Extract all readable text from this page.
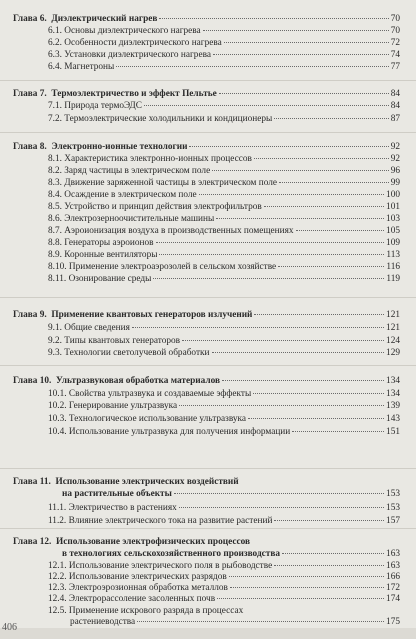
Глава 6.  Диэлектрический нагрев	70
6.1. Основы диэлектрического нагрева	70
6.2. Особенности диэлектрического нагрева	72
6.3. Установки диэлектрического нагрева	74
6.4. Магнетроны	77
Глава 7.  Термоэлектричество и эффект Пельтье	84
7.1. Природа термоЭДС	84
7.2. Термоэлектрические холодильники и кондиционеры	87
Глава 8.  Электронно-ионные технологии	92
8.1. Характеристика электронно-ионных процессов	92
8.2. Заряд частицы в электрическом поле	96
8.3. Движение заряженной частицы в электрическом поле	99
8.4. Осаждение в электрическом поле	100
8.5. Устройство и принцип действия электрофильтров	101
8.6. Электрозерноочистительные машины	103
8.7. Аэроионизация воздуха в производственных помещениях	105
8.8. Генераторы аэроионов	109
8.9. Коронные вентиляторы	113
8.10. Применение электроаэрозолей в сельском хозяйстве	116
8.11. Озонирование среды	119
Глава 9.  Применение квантовых генераторов излучений	121
9.1. Общие сведения	121
9.2. Типы квантовых генераторов	124
9.3. Технологии светолучевой обработки	129
Глава 10.  Ультразвуковая обработка материалов	134
10.1. Свойства ультразвука и создаваемые эффекты	134
10.2. Генерирование ультразвука	139
10.3. Технологическое использование ультразвука	143
10.4. Использование ультразвука для получения информации	151
Глава 11. Использование электрических воздействий
на растительные объекты	153
11.1. Электричество в растениях	153
11.2. Влияние электрического тока на развитие растений	157
Глава 12. Использование электрофизических процессов
в технологиях сельскохозяйственного производства	163
12.1. Использование электрического поля в рыбоводстве	163
12.2. Использование электрических разрядов	166
12.3. Электроэрозионная обработка металлов	172
12.4. Электрорассоление засоленных почв	174
12.5. Применение искрового разряда в процессах
растениеводства	175
406
